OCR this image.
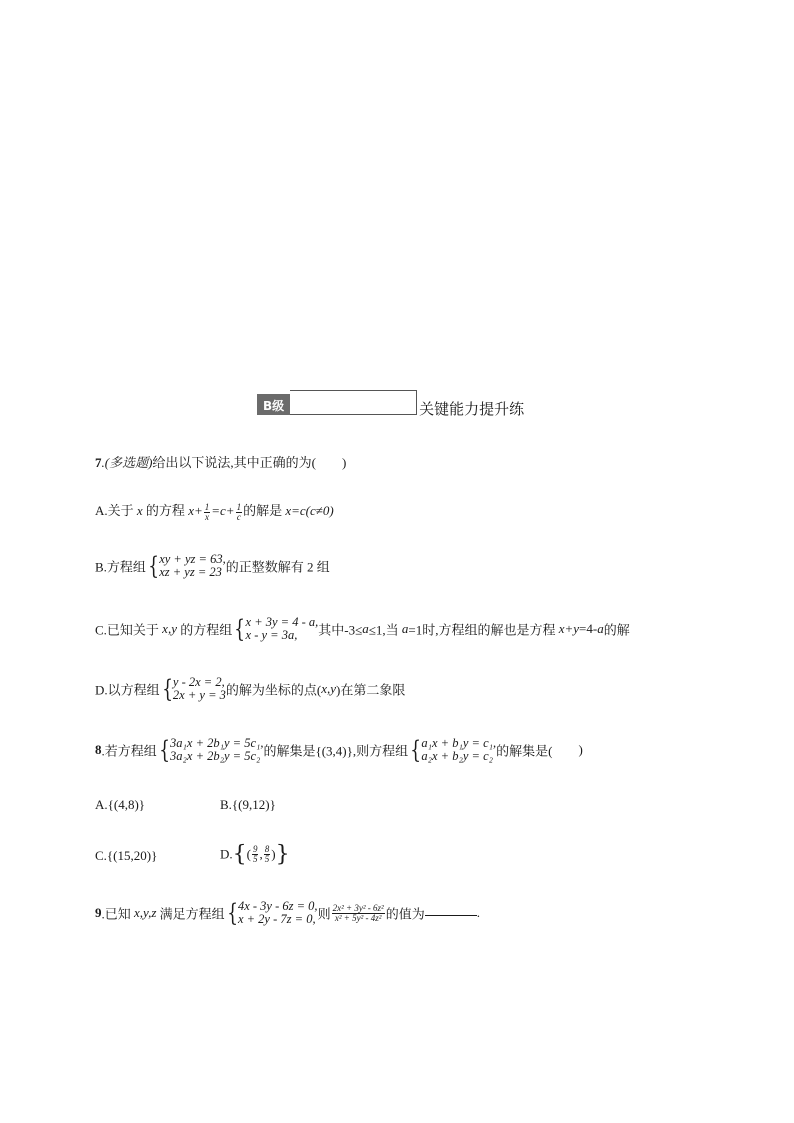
B级	关键能力提升练
7.(多选题)给出以下说法,其中正确的为( )
A.关于 x 的方程 $x+ \frac{1}{x} =c+ \frac{1}{c}$ 的解是 x=c(c≠0)
B.方程组 { xy + yz = 63,
xz + yz = 23 的正整数解有 2 组
C.已知关于 x,y 的方程组 { x + 3y = 4 - a,
x - y = 3a,	其中-3≤a≤1,当 a=1时,方程组的解也是方程 x+y=4-a的解
D.以方程组 { y - 2x = 2,
2x + y = 3 的解为坐标的点(x,y)在第二象限
8.若方程组 { 3a₁x + 2b₁y = 5c₁,
3a₂x + 2b₂y = 5c₂ 的解集是{(3,4)},则方程组 { a₁x + b₁y = c₁,
a₂x + b₂y = c₂ 的解集是( )
A.{(4,8)}	B.{(9,12)}
C.{(15,20)}	$D.\{( \frac{9}{5}$ , $\frac{8}{5}$ )}
9.已知 x,y,z 满足方程组 { 4x - 3y - 6z = 0,
x + 2y - 7z = 0, 则 $\frac{\text{2x² + 3y² - 6z²}}{\text{x² + 5y² - 4z²}}$ 的值为	.
